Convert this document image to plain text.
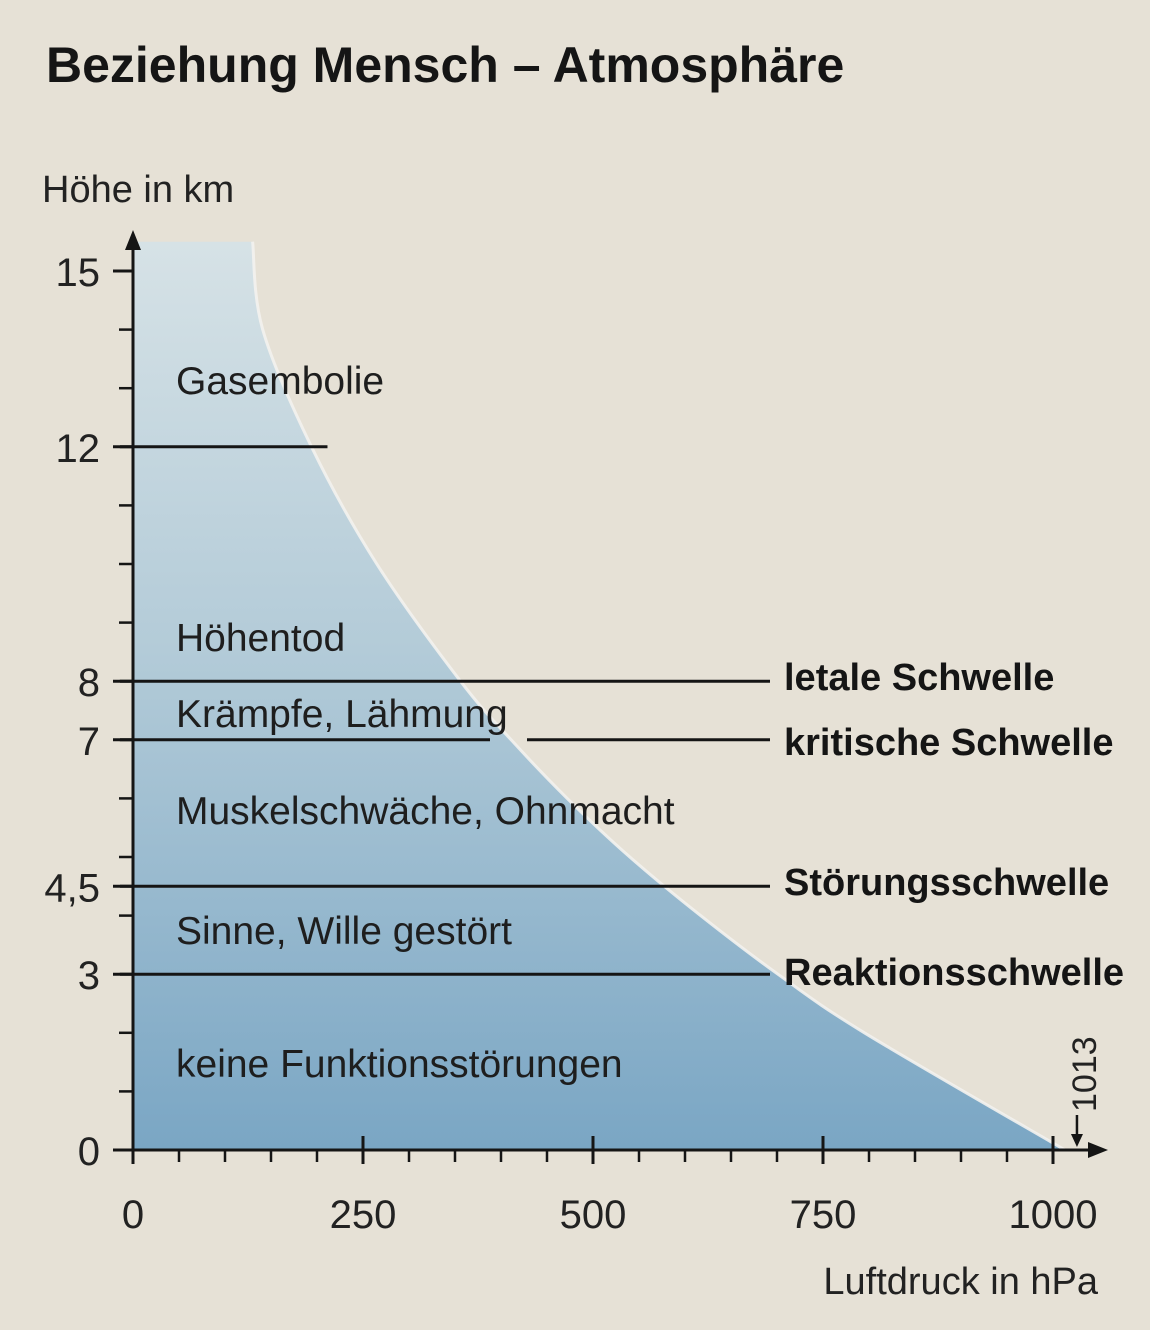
Beziehung Mensch – Atmosphäre
Höhe in km
Luftdruck in hPa
Gasembolie
Höhentod
Krämpfe, Lähmung
Muskelschwäche, Ohnmacht
Sinne, Wille gestört
keine Funktionsstörungen
letale Schwelle
kritische Schwelle
Störungsschwelle
Reaktionsschwelle
0
3
4,5
7
8
12
15
0	250	500	750	1000
1013
